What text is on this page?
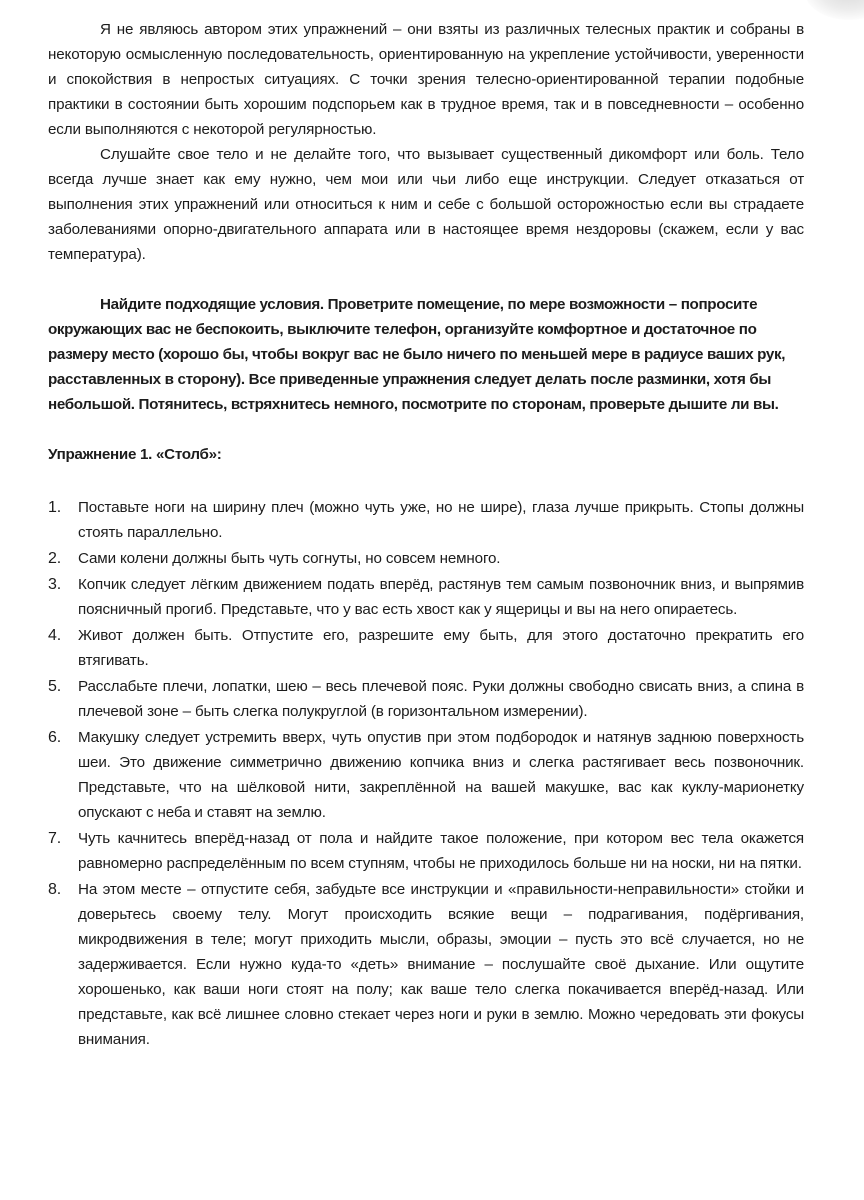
Я не являюсь автором этих упражнений – они взяты из различных телесных практик и собраны в некоторую осмысленную последовательность, ориентированную на укрепление устойчивости, уверенности и спокойствия в непростых ситуациях. С точки зрения телесно-ориентированной терапии подобные практики в состоянии быть хорошим подспорьем как в трудное время, так и в повседневности – особенно если выполняются с некоторой регулярностью.

Слушайте свое тело и не делайте того, что вызывает существенный дикомфорт или боль. Тело всегда лучше знает как ему нужно, чем мои или чьи либо еще инструкции. Следует отказаться от выполнения этих упражнений или относиться к ним и себе с большой осторожностью если вы страдаете заболеваниями опорно-двигательного аппарата или в настоящее время нездоровы (скажем, если у вас температура).

Найдите подходящие условия. Проветрите помещение, по мере возможности – попросите окружающих вас не беспокоить, выключите телефон, организуйте комфортное и достаточное по размеру место (хорошо бы, чтобы вокруг вас не было ничего по меньшей мере в радиусе ваших рук, расставленных в сторону). Все приведенные упражнения следует делать после разминки, хотя бы небольшой. Потянитесь, встряхнитесь немного, посмотрите по сторонам, проверьте дышите ли вы.

Упражнение 1. «Столб»:

1. Поставьте ноги на ширину плеч (можно чуть уже, но не шире), глаза лучше прикрыть. Стопы должны стоять параллельно.
2. Сами колени должны быть чуть согнуты, но совсем немного.
3. Копчик следует лёгким движением подать вперёд, растянув тем самым позвоночник вниз, и выпрямив поясничный прогиб. Представьте, что у вас есть хвост как у ящерицы и вы на него опираетесь.
4. Живот должен быть. Отпустите его, разрешите ему быть, для этого достаточно прекратить его втягивать.
5. Расслабьте плечи, лопатки, шею – весь плечевой пояс. Руки должны свободно свисать вниз, а спина в плечевой зоне – быть слегка полукруглой (в горизонтальном измерении).
6. Макушку следует устремить вверх, чуть опустив при этом подбородок и натянув заднюю поверхность шеи. Это движение симметрично движению копчика вниз и слегка растягивает весь позвоночник. Представьте, что на шёлковой нити, закреплённой на вашей макушке, вас как куклу-марионетку опускают с неба и ставят на землю.
7. Чуть качнитесь вперёд-назад от пола и найдите такое положение, при котором вес тела окажется равномерно распределённым по всем ступням, чтобы не приходилось больше ни на носки, ни на пятки.
8. На этом месте – отпустите себя, забудьте все инструкции и «правильности-неправильности» стойки и доверьтесь своему телу. Могут происходить всякие вещи – подрагивания, подёргивания, микродвижения в теле; могут приходить мысли, образы, эмоции – пусть это всё случается, но не задерживается. Если нужно куда-то «деть» внимание – послушайте своё дыхание. Или ощутите хорошенько, как ваши ноги стоят на полу; как ваше тело слегка покачивается вперёд-назад. Или представьте, как всё лишнее словно стекает через ноги и руки в землю. Можно чередовать эти фокусы внимания.
